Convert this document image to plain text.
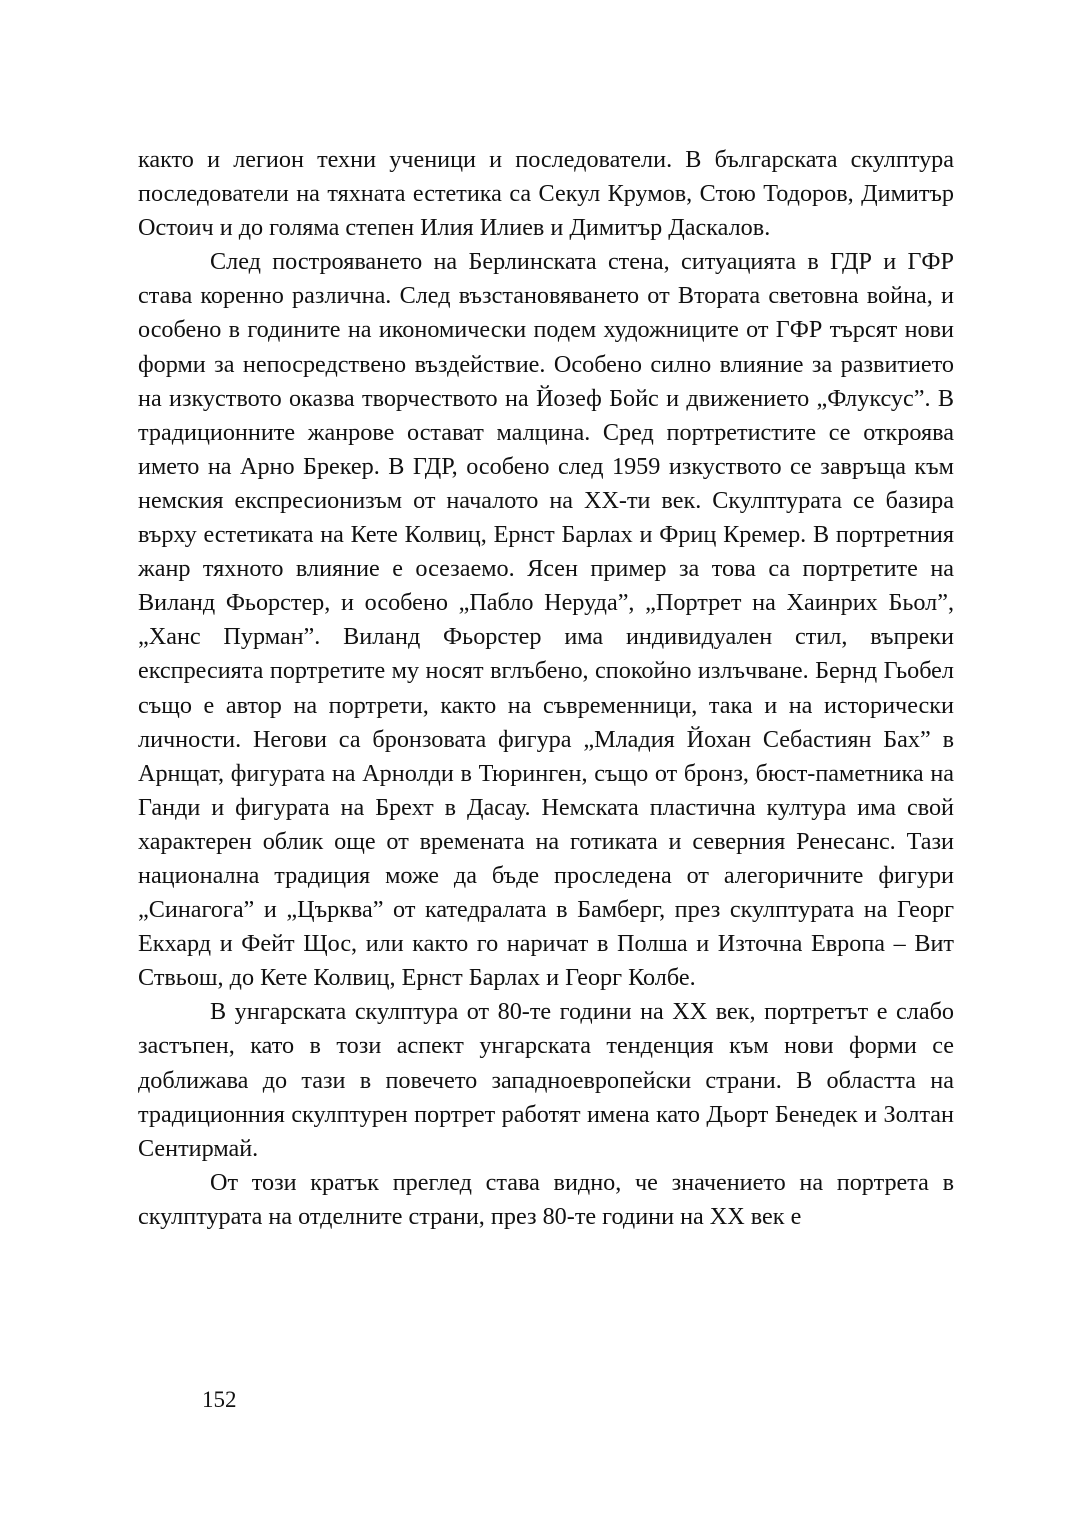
както и легион техни ученици и последователи. В българската скулптура последователи на тяхната естетика са Секул Крумов, Стою Тодоров, Димитър Остоич и до голяма степен Илия Илиев и Димитър Даскалов.

След построяването на Берлинската стена, ситуацията в ГДР и ГФР става коренно различна. След възстановяването от Втората световна война, и особено в годините на икономически подем художниците от ГФР търсят нови форми за непосредствено въздействие. Особено силно влияние за развитието на изкуството оказва творчеството на Йозеф Бойс и движението „Флуксус”. В традиционните жанрове остават малцина. Сред портретистите се откроява името на Арно Брекер. В ГДР, особено след 1959 изкуството се завръща към немския експресионизъм от началото на ХХ-ти век. Скулптурата се базира върху естетиката на Кете Колвиц, Ернст Барлах и Фриц Кремер. В портретния жанр тяхното влияние е осезаемо. Ясен пример за това са портретите на Виланд Фьорстер, и особено „Пабло Неруда”, „Портрет на Хаинрих Бьол”, „Ханс Пурман”. Виланд Фьорстер има индивидуален стил, въпреки експресията портретите му носят вглъбено, спокойно излъчване. Бернд Гьобел също е автор на портрети, както на съвременници, така и на исторически личности. Негови са бронзовата фигура „Младия Йохан Себастиян Бах” в Арнщат, фигурата на Арнолди в Тюринген, също от бронз, бюст-паметника на Ганди и фигурата на Брехт в Дасау. Немската пластична култура има свой характерен облик още от времената на готиката и северния Ренесанс. Тази национална традиция може да бъде проследена от алегоричните фигури „Синагога” и „Църква” от катедралата в Бамберг, през скулптурата на Георг Екхард и Фейт Щос, или както го наричат в Полша и Източна Европа – Вит Ствьош, до Кете Колвиц, Ернст Барлах и Георг Колбе.

В унгарската скулптура от 80-те години на ХХ век, портретът е слабо застъпен, като в този аспект унгарската тенденция към нови форми се доближава до тази в повечето западноевропейски страни. В областта на традиционния скулптурен портрет работят имена като Дьорт Бенедек и Золтан Сентирмай.

От този кратък преглед става видно, че значението на портрета в скулптурата на отделните страни, през 80-те години на ХХ век е

152
